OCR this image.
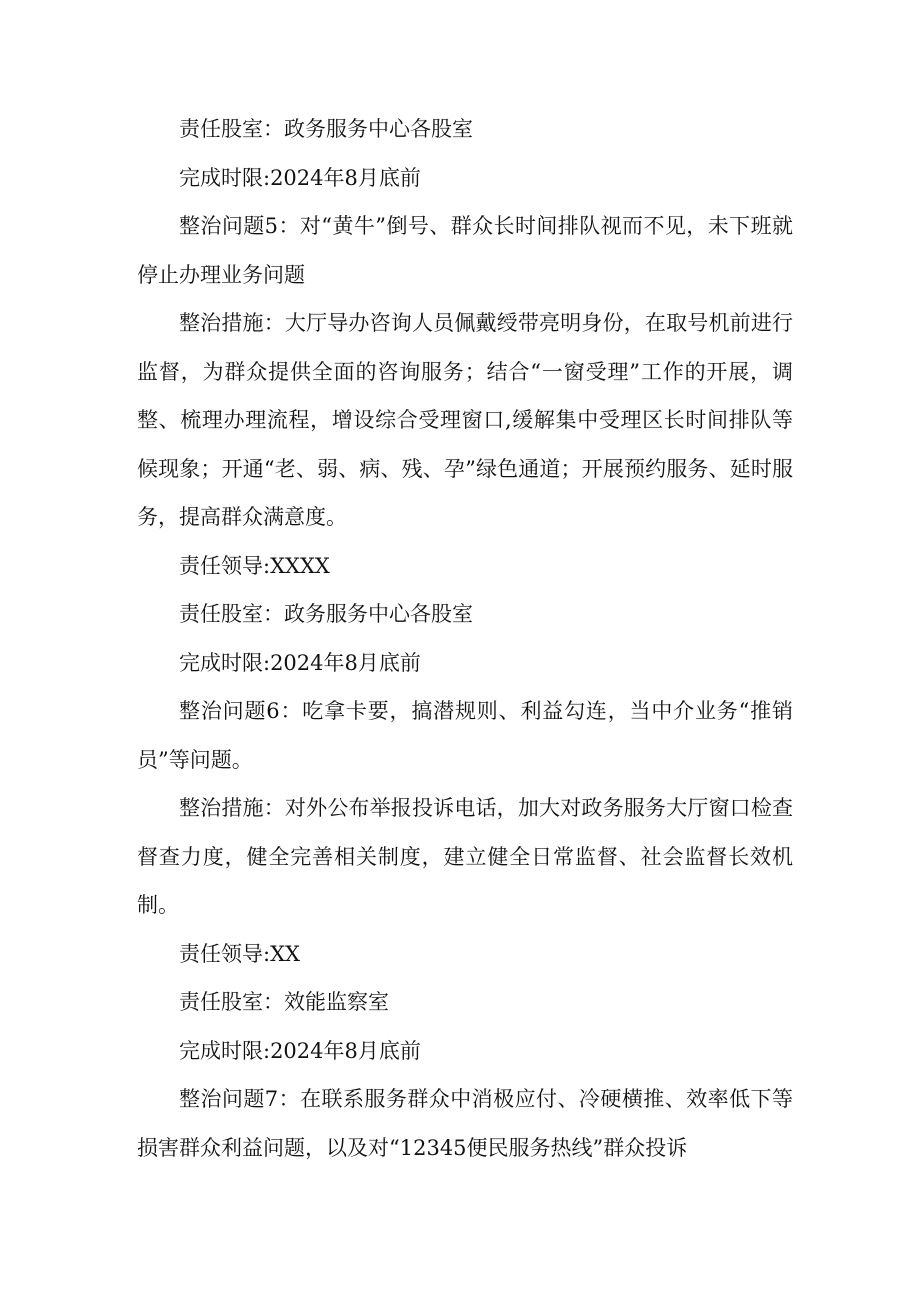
责任股室：政务服务中心各股室

完成时限:2024年8月底前

整治问题5：对“黄牛”倒号、群众长时间排队视而不见，未下班就停止办理业务问题

整治措施：大厅导办咨询人员佩戴绶带亮明身份，在取号机前进行监督，为群众提供全面的咨询服务；结合“一窗受理”工作的开展，调整、梳理办理流程，增设综合受理窗口,缓解集中受理区长时间排队等候现象；开通“老、弱、病、残、孕”绿色通道；开展预约服务、延时服务，提高群众满意度。

责任领导:XXXX

责任股室：政务服务中心各股室

完成时限:2024年8月底前

整治问题6：吃拿卡要，搞潜规则、利益勾连，当中介业务“推销员”等问题。

整治措施：对外公布举报投诉电话，加大对政务服务大厅窗口检查督查力度，健全完善相关制度，建立健全日常监督、社会监督长效机制。

责任领导:XX

责任股室：效能监察室

完成时限:2024年8月底前

整治问题7：在联系服务群众中消极应付、冷硬横推、效率低下等损害群众利益问题，以及对“12345便民服务热线”群众投诉
